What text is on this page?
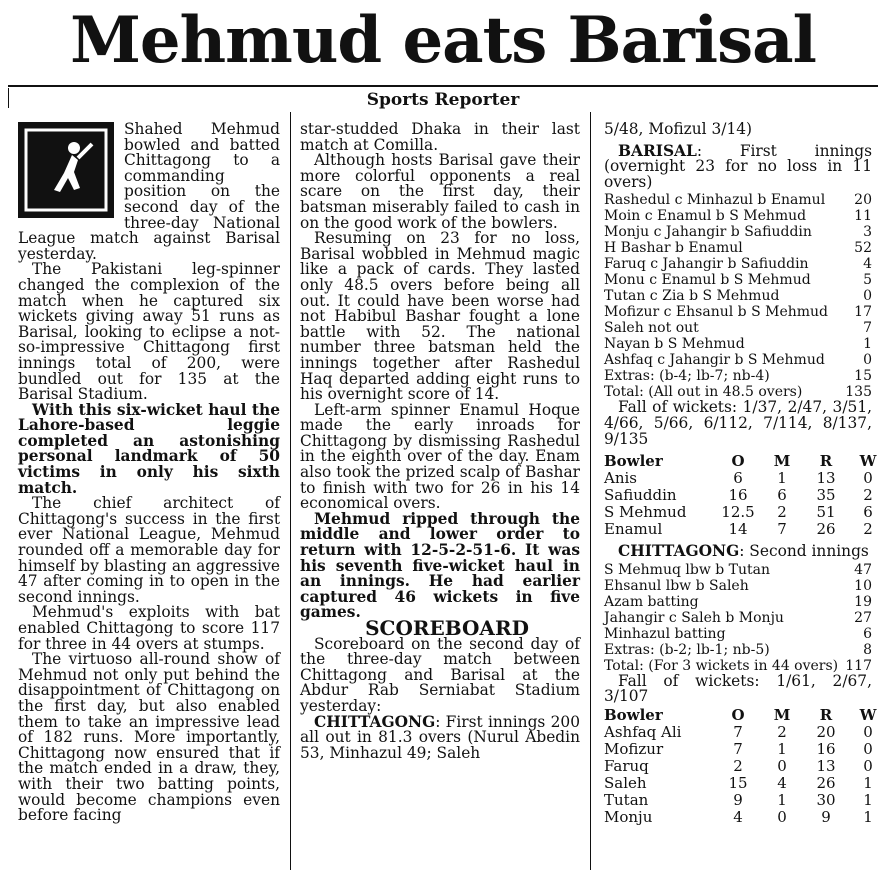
Mehmud eats Barisal
Sports Reporter

Shahed Mehmud bowled and batted Chittagong to a commanding position on the second day of the three-day National League match against Barisal yesterday.

The Pakistani leg-spinner changed the complexion of the match when he captured six wickets giving away 51 runs as Barisal, looking to eclipse a not-so-impressive Chittagong first innings total of 200, were bundled out for 135 at the Barisal Stadium.

With this six-wicket haul the Lahore-based leggie completed an astonishing personal landmark of 50 victims in only his sixth match.

The chief architect of Chittagong's success in the first ever National League, Mehmud rounded off a memorable day for himself by blasting an aggressive 47 after coming in to open in the second innings.

Mehmud's exploits with bat enabled Chittagong to score 117 for three in 44 overs at stumps.

The virtuoso all-round show of Mehmud not only put behind the disappointment of Chittagong on the first day, but also enabled them to take an impressive lead of 182 runs. More importantly, Chittagong now ensured that if the match ended in a draw, they, with their two batting points, would become champions even before facing

star-studded Dhaka in their last match at Comilla.

Although hosts Barisal gave their more colorful opponents a real scare on the first day, their batsman miserably failed to cash in on the good work of the bowlers.

Resuming on 23 for no loss, Barisal wobbled in Mehmud magic like a pack of cards. They lasted only 48.5 overs before being all out. It could have been worse had not Habibul Bashar fought a lone battle with 52. The national number three batsman held the innings together after Rashedul Haq departed adding eight runs to his overnight score of 14.

Left-arm spinner Enamul Hoque made the early inroads for Chittagong by dismissing Rashedul in the eighth over of the day. Enam also took the prized scalp of Bashar to finish with two for 26 in his 14 economical overs.

Mehmud ripped through the middle and lower order to return with 12-5-2-51-6. It was his seventh five-wicket haul in an innings. He had earlier captured 46 wickets in five games.

SCOREBOARD

Scoreboard on the second day of the three-day match between Chittagong and Barisal at the Abdur Rab Serniabat Stadium yesterday:

CHITTAGONG: First innings 200 all out in 81.3 overs (Nurul Abedin 53, Minhazul 49; Saleh

5/48, Mofizul 3/14)

BARISAL: First innings (overnight 23 for no loss in 11 overs)

Rashedul c Minhazul b Enamul 20
Moin c Enamul b S Mehmud	11
Monju c Jahangir b Safiuddin	3
H Bashar b Enamul	52
Faruq c Jahangir b Safiuddin	4
Monu c Enamul b S Mehmud	5
Tutan c Zia b S Mehmud	0
Mofizur c Ehsanul b S Mehmud 17
Saleh not out	7
Nayan b S Mehmud	1
Ashfaq c Jahangir b S Mehmud	0
Extras: (b-4; lb-7; nb-4)	15
Total: (All out in 48.5 overs)	135

Fall of wickets: 1/37, 2/47, 3/51, 4/66, 5/66, 6/112, 7/114, 8/137, 9/135

Bowler	O	M	R	W
Anis	6	1	13	0
Safiuddin	16	6	35	2
S Mehmud	12.5	2	51	6
Enamul	14	7	26	2

CHITTAGONG: Second innings

S Mehmuq lbw b Tutan	47
Ehsanul lbw b Saleh	10
Azam batting	19
Jahangir c Saleh b Monju	27
Minhazul batting	6
Extras: (b-2; lb-1; nb-5)	8
Total: (For 3 wickets in 44 overs) 117

Fall of wickets: 1/61, 2/67, 3/107

Bowler	O	M	R	W
Ashfaq Ali	7	2	20	0
Mofizur	7	1	16	0
Faruq	2	0	13	0
Saleh	15	4	26	1
Tutan	9	1	30	1
Monju	4	0	9	1
